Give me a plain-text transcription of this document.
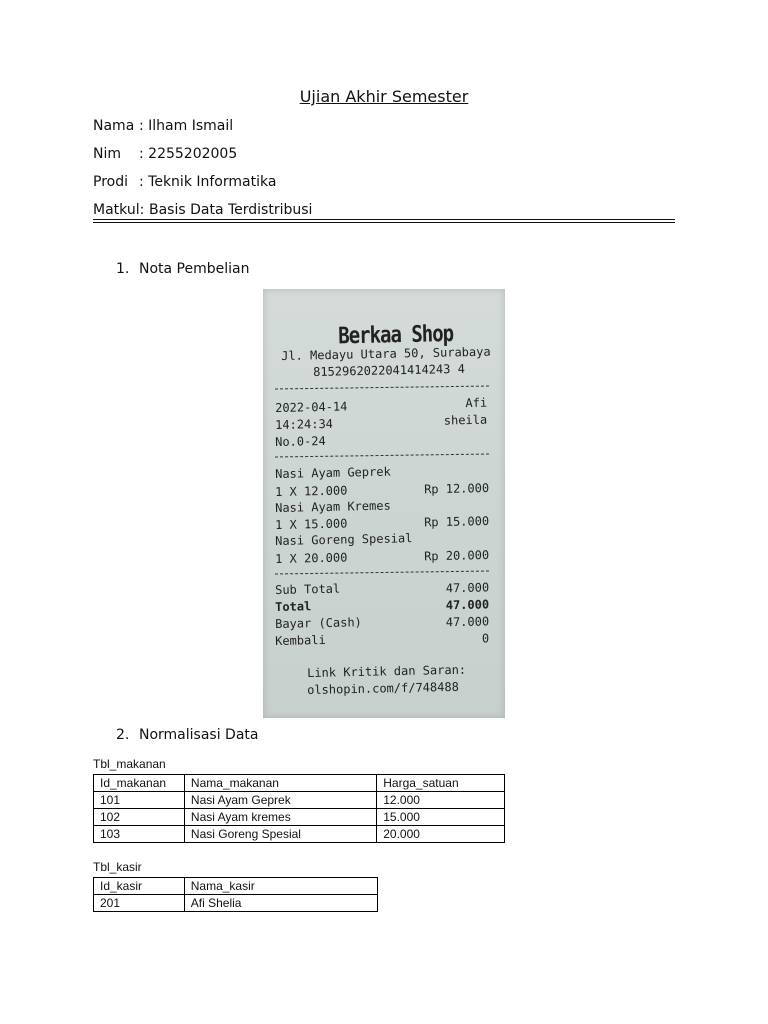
Ujian Akhir Semester
Nama : Ilham Ismail
Nim : 2255202005
Prodi : Teknik Informatika
Matkul: Basis Data Terdistribusi
1. Nota Pembelian
Berkaa Shop
Jl. Medayu Utara 50, Surabaya
8152962022041414243 4
2022-04-14	Afi
14:24:34	sheila
No.0-24
Nasi Ayam Geprek
1 X 12.000	Rp 12.000
Nasi Ayam Kremes
1 X 15.000	Rp 15.000
Nasi Goreng Spesial
1 X 20.000	Rp 20.000
Sub Total	47.000
Total	47.000
Bayar (Cash)	47.000
Kembali	0
Link Kritik dan Saran:
olshopin.com/f/748488
2. Normalisasi Data
Tbl_makanan
Id_makanan	Nama_makanan	Harga_satuan
101	Nasi Ayam Geprek	12.000
102	Nasi Ayam kremes	15.000
103	Nasi Goreng Spesial	20.000
Tbl_kasir
Id_kasir	Nama_kasir
201	Afi Shelia
